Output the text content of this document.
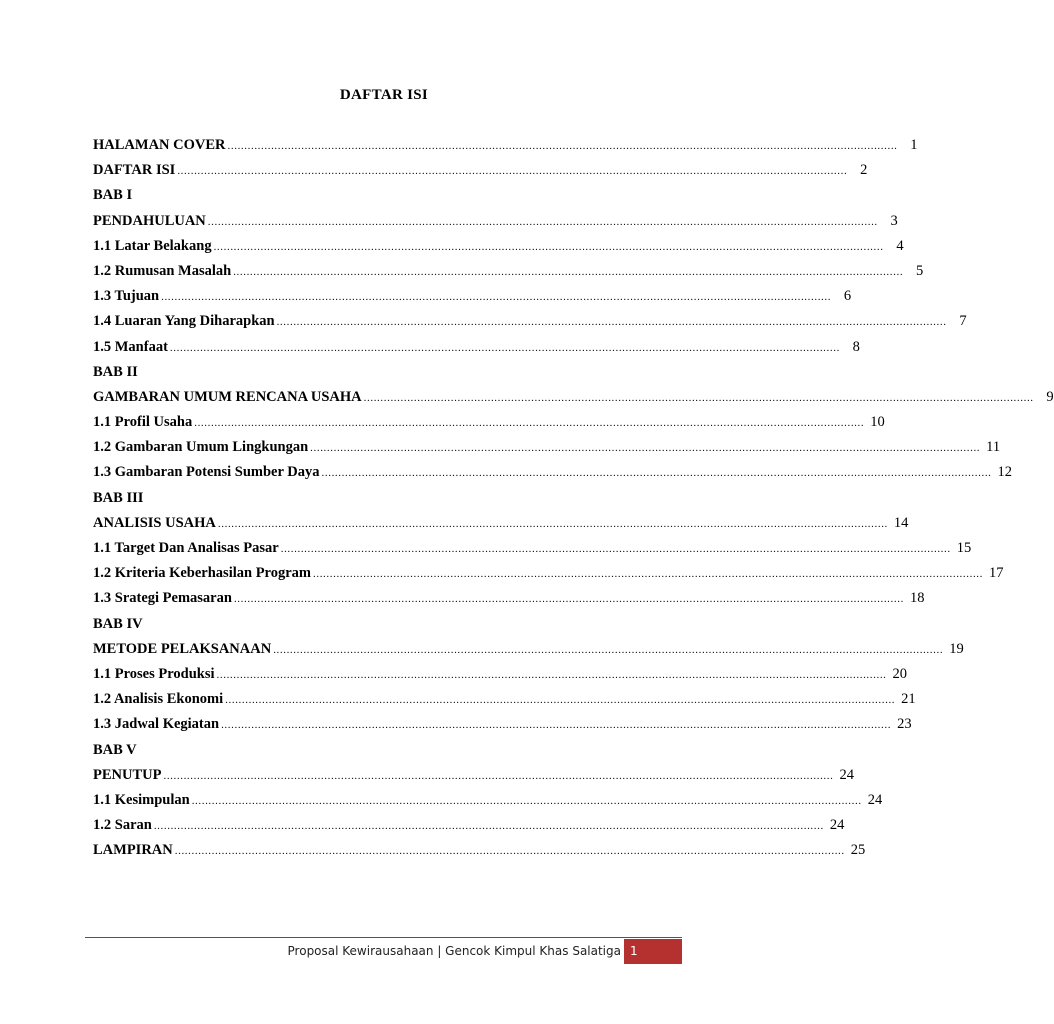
DAFTAR ISI
HALAMAN COVER ........................................................................................................................................................................................................ 1
DAFTAR ISI ........................................................................................................................................................................................................ 2
BAB I
PENDAHULUAN ........................................................................................................................................................................................................ 3
1.1 Latar Belakang ........................................................................................................................................................................................................ 4
1.2 Rumusan Masalah ........................................................................................................................................................................................................ 5
1.3 Tujuan ........................................................................................................................................................................................................ 6
1.4 Luaran Yang Diharapkan ........................................................................................................................................................................................................ 7
1.5 Manfaat ........................................................................................................................................................................................................ 8
BAB II
GAMBARAN UMUM RENCANA USAHA ........................................................................................................................................................................................................ 9
1.1 Profil Usaha ........................................................................................................................................................................................................ 10
1.2 Gambaran Umum Lingkungan ........................................................................................................................................................................................................ 11
1.3 Gambaran Potensi Sumber Daya ........................................................................................................................................................................................................ 12
BAB III
ANALISIS USAHA ........................................................................................................................................................................................................ 14
1.1 Target Dan Analisas Pasar ........................................................................................................................................................................................................ 15
1.2 Kriteria Keberhasilan Program ........................................................................................................................................................................................................ 17
1.3 Srategi Pemasaran ........................................................................................................................................................................................................ 18
BAB IV
METODE PELAKSANAAN ........................................................................................................................................................................................................ 19
1.1 Proses Produksi ........................................................................................................................................................................................................ 20
1.2 Analisis Ekonomi ........................................................................................................................................................................................................ 21
1.3 Jadwal Kegiatan ........................................................................................................................................................................................................ 23
BAB V
PENUTUP ........................................................................................................................................................................................................ 24
1.1 Kesimpulan ........................................................................................................................................................................................................ 24
1.2 Saran ........................................................................................................................................................................................................ 24
LAMPIRAN ........................................................................................................................................................................................................ 25
Proposal Kewirausahaan | Gencok Kimpul Khas Salatiga 1
